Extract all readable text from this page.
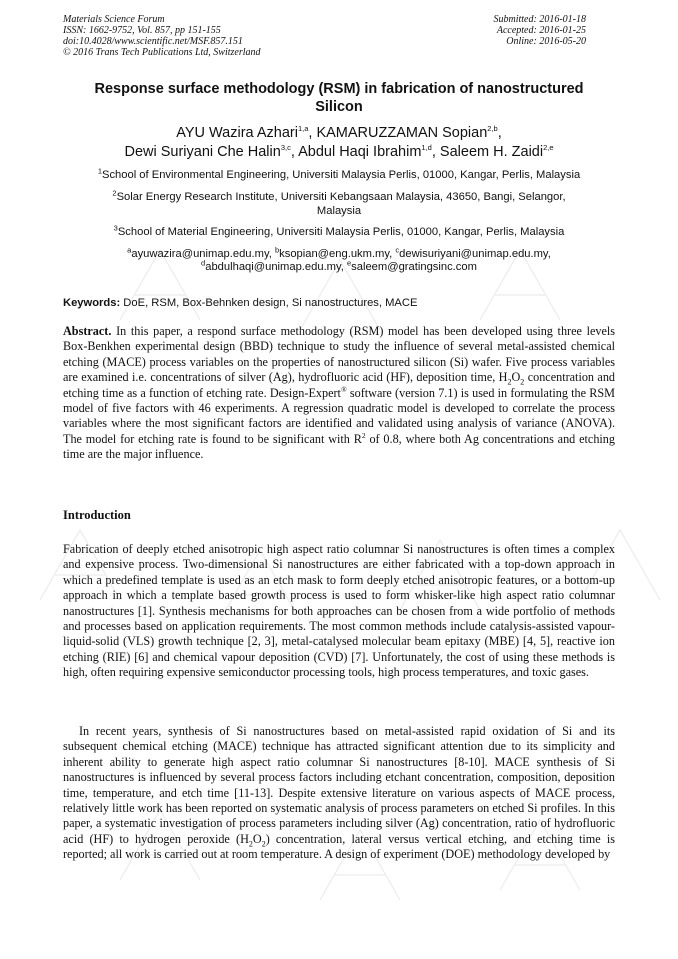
Materials Science Forum
ISSN: 1662-9752, Vol. 857, pp 151-155
doi:10.4028/www.scientific.net/MSF.857.151
© 2016 Trans Tech Publications Ltd, Switzerland
Submitted: 2016-01-18
Accepted: 2016-01-25
Online: 2016-05-20
Response surface methodology (RSM) in fabrication of nanostructured
Silicon
AYU Wazira Azhari$^{1,a}$, KAMARUZZAMAN Sopian$^{2,b}$,
Dewi Suriyani Che Halin$^{3,c}$, Abdul Haqi Ibrahim$^{1,d}$, Saleem H. Zaidi$^{2,e}$
$^1$School of Environmental Engineering, Universiti Malaysia Perlis, 01000, Kangar, Perlis, Malaysia
$^2$Solar Energy Research Institute, Universiti Kebangsaan Malaysia, 43650, Bangi, Selangor, Malaysia
$^3$School of Material Engineering, Universiti Malaysia Perlis, 01000, Kangar, Perlis, Malaysia
$^a$ayuwazira@unimap.edu.my, $^b$ksopian@eng.ukm.my, $^c$dewisuriyani@unimap.edu.my,
$^d$abdulhaqi@unimap.edu.my, $^e$saleem@gratingsinc.com
Keywords: DoE, RSM, Box-Behnken design, Si nanostructures, MACE
Abstract. In this paper, a respond surface methodology (RSM) model has been developed using three levels Box-Benkhen experimental design (BBD) technique to study the influence of several metal-assisted chemical etching (MACE) process variables on the properties of nanostructured silicon (Si) wafer. Five process variables are examined i.e. concentrations of silver (Ag), hydrofluoric acid (HF), deposition time, $H_2O_2$ concentration and etching time as a function of etching rate. Design-Expert® software (version 7.1) is used in formulating the RSM model of five factors with 46 experiments. A regression quadratic model is developed to correlate the process variables where the most significant factors are identified and validated using analysis of variance (ANOVA). The model for etching rate is found to be significant with $R^2$ of 0.8, where both Ag concentrations and etching time are the major influence.
Introduction
Fabrication of deeply etched anisotropic high aspect ratio columnar Si nanostructures is often times a complex and expensive process. Two-dimensional Si nanostructures are either fabricated with a top-down approach in which a predefined template is used as an etch mask to form deeply etched anisotropic features, or a bottom-up approach in which a template based growth process is used to form whisker-like high aspect ratio columnar nanostructures [1]. Synthesis mechanisms for both approaches can be chosen from a wide portfolio of methods and processes based on application requirements. The most common methods include catalysis-assisted vapour-liquid-solid (VLS) growth technique [2, 3], metal-catalysed molecular beam epitaxy (MBE) [4, 5], reactive ion etching (RIE) [6] and chemical vapour deposition (CVD) [7]. Unfortunately, the cost of using these methods is high, often requiring expensive semiconductor processing tools, high process temperatures, and toxic gases.
In recent years, synthesis of Si nanostructures based on metal-assisted rapid oxidation of Si and its subsequent chemical etching (MACE) technique has attracted significant attention due to its simplicity and inherent ability to generate high aspect ratio columnar Si nanostructures [8-10]. MACE synthesis of Si nanostructures is influenced by several process factors including etchant concentration, composition, deposition time, temperature, and etch time [11-13]. Despite extensive literature on various aspects of MACE process, relatively little work has been reported on systematic analysis of process parameters on etched Si profiles. In this paper, a systematic investigation of process parameters including silver (Ag) concentration, ratio of hydrofluoric acid (HF) to hydrogen peroxide $(H_2O_2)$ concentration, lateral versus vertical etching, and etching time is reported; all work is carried out at room temperature. A design of experiment (DOE) methodology developed by
